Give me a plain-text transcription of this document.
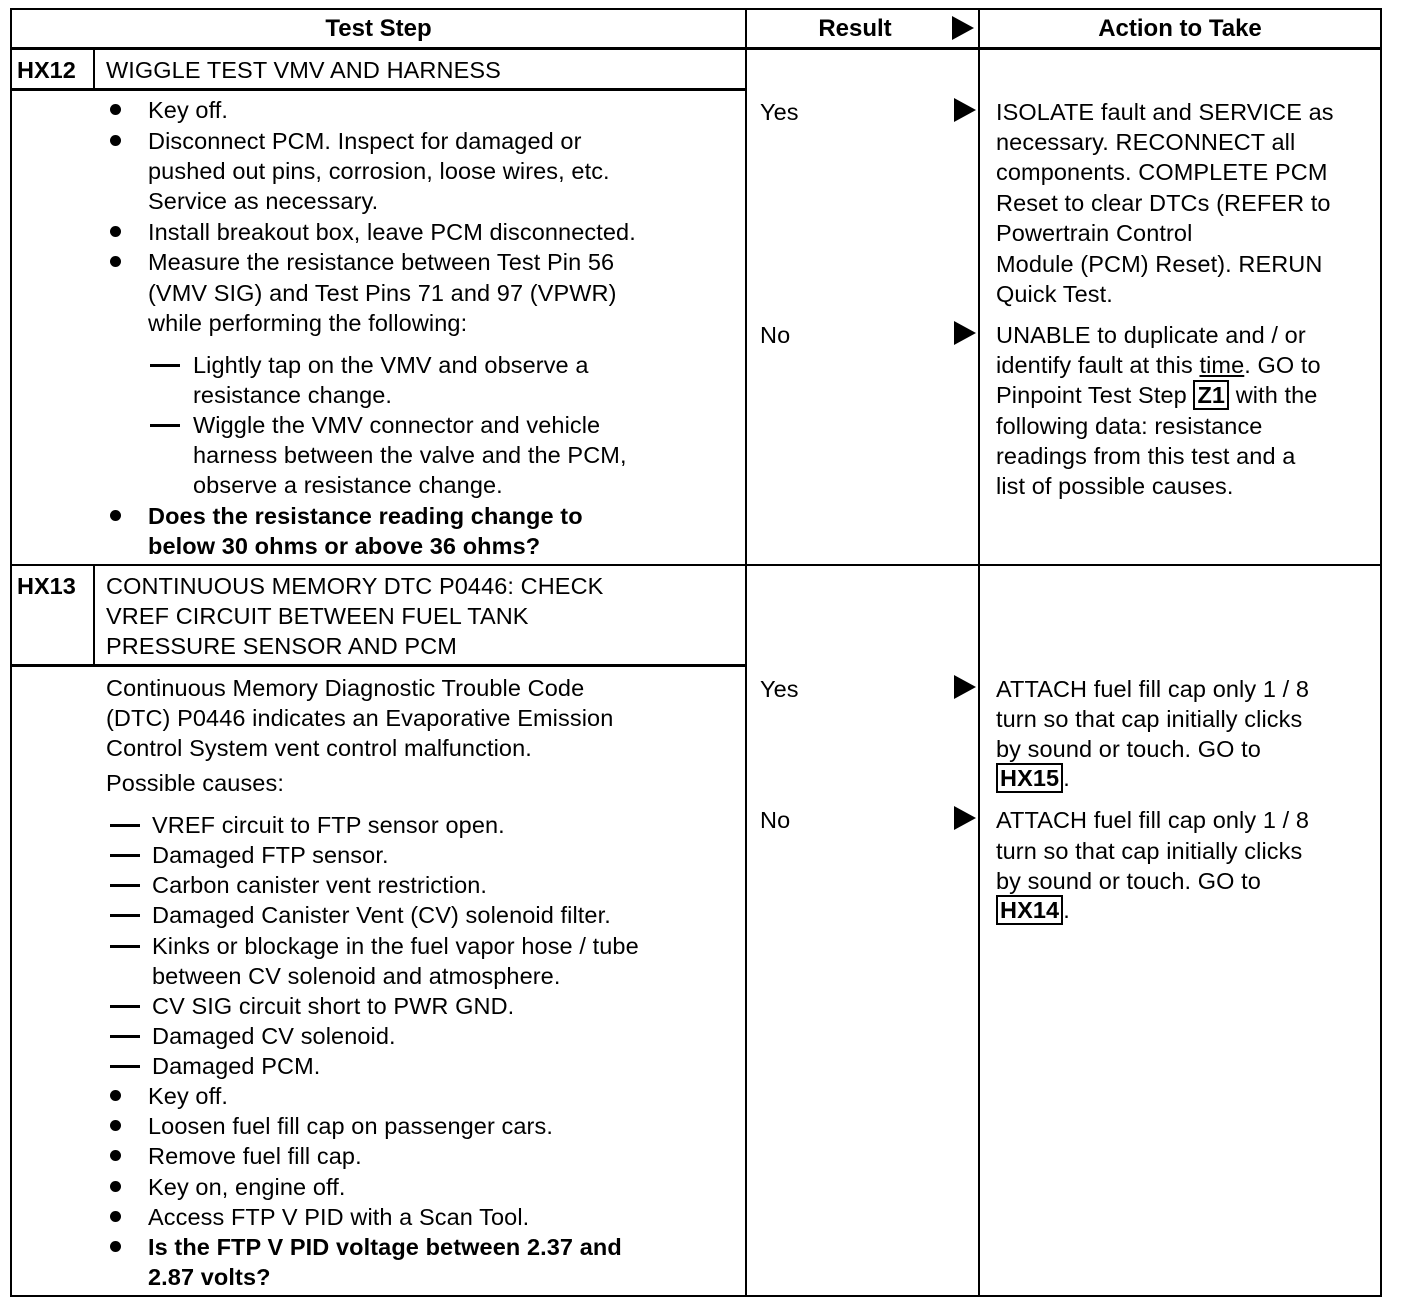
Test Step	Result	Action to Take
HX12 WIGGLE TEST VMV AND HARNESS
Key off.
Disconnect PCM. Inspect for damaged or
pushed out pins, corrosion, loose wires, etc.
Service as necessary.
Install breakout box, leave PCM disconnected.
Measure the resistance between Test Pin 56
(VMV SIG) and Test Pins 71 and 97 (VPWR)
while performing the following:
Lightly tap on the VMV and observe a
resistance change.
Wiggle the VMV connector and vehicle
harness between the valve and the PCM,
observe a resistance change.
Does the resistance reading change to
below 30 ohms or above 36 ohms?
Yes
No
ISOLATE fault and SERVICE as
necessary. RECONNECT all
components. COMPLETE PCM
Reset to clear DTCs (REFER to
Powertrain Control
Module (PCM) Reset). RERUN
Quick Test.
UNABLE to duplicate and / or
identify fault at this time. GO to
Pinpoint Test Step Z1 with the
following data: resistance
readings from this test and a
list of possible causes.
HX13 CONTINUOUS MEMORY DTC P0446: CHECK
VREF CIRCUIT BETWEEN FUEL TANK
PRESSURE SENSOR AND PCM
Continuous Memory Diagnostic Trouble Code
(DTC) P0446 indicates an Evaporative Emission
Control System vent control malfunction.
Possible causes:
VREF circuit to FTP sensor open.
Damaged FTP sensor.
Carbon canister vent restriction.
Damaged Canister Vent (CV) solenoid filter.
Kinks or blockage in the fuel vapor hose / tube
between CV solenoid and atmosphere.
CV SIG circuit short to PWR GND.
Damaged CV solenoid.
Damaged PCM.
Key off.
Loosen fuel fill cap on passenger cars.
Remove fuel fill cap.
Key on, engine off.
Access FTP V PID with a Scan Tool.
Is the FTP V PID voltage between 2.37 and
2.87 volts?
Yes
No
ATTACH fuel fill cap only 1 / 8
turn so that cap initially clicks
by sound or touch. GO to
HX15 .
ATTACH fuel fill cap only 1 / 8
turn so that cap initially clicks
by sound or touch. GO to
HX14 .
